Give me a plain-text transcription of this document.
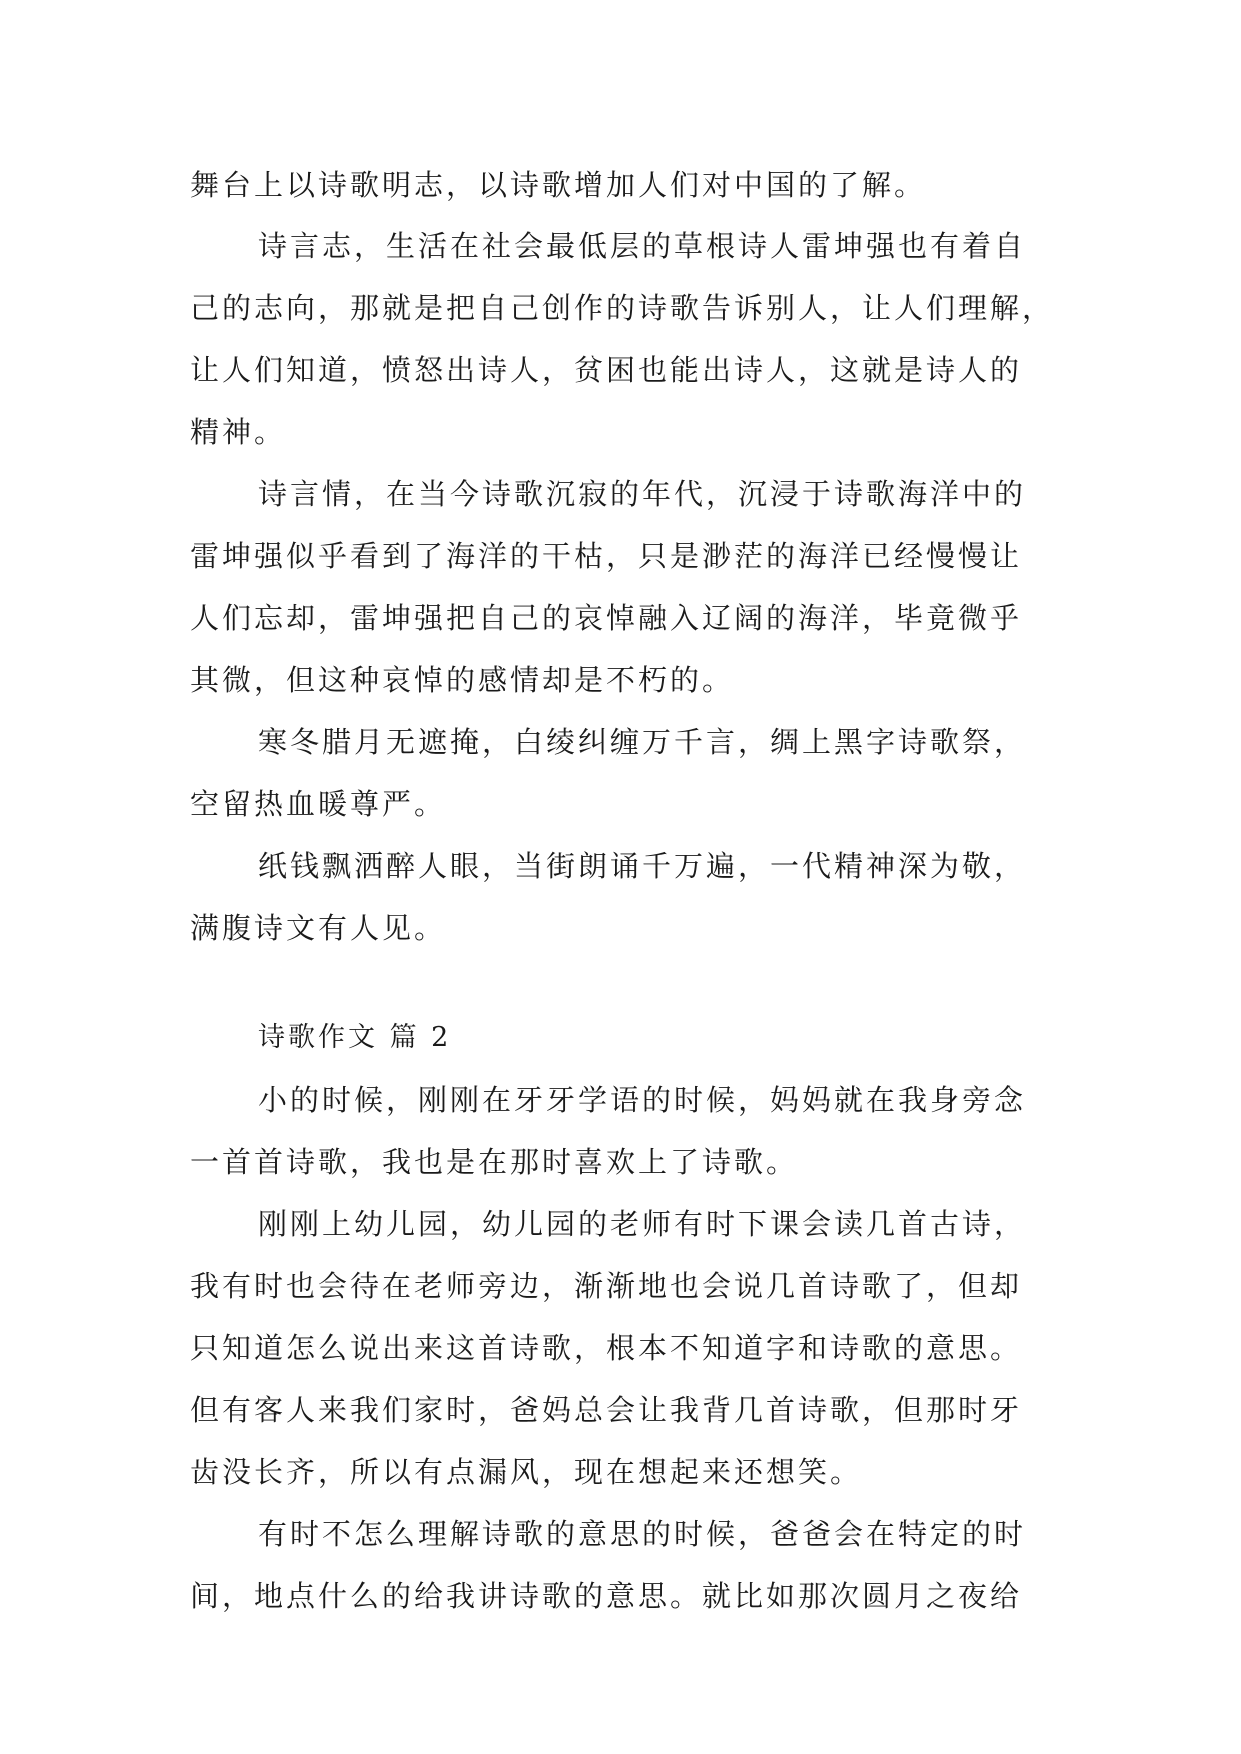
舞台上以诗歌明志，以诗歌增加人们对中国的了解。
诗言志，生活在社会最低层的草根诗人雷坤强也有着自
己的志向，那就是把自己创作的诗歌告诉别人，让人们理解，
让人们知道，愤怒出诗人，贫困也能出诗人，这就是诗人的
精神。
诗言情，在当今诗歌沉寂的年代，沉浸于诗歌海洋中的
雷坤强似乎看到了海洋的干枯，只是渺茫的海洋已经慢慢让
人们忘却，雷坤强把自己的哀悼融入辽阔的海洋，毕竟微乎
其微，但这种哀悼的感情却是不朽的。
寒冬腊月无遮掩，白绫纠缠万千言，绸上黑字诗歌祭，
空留热血暖尊严。
纸钱飘洒醉人眼，当街朗诵千万遍，一代精神深为敬，
满腹诗文有人见。
诗歌作文 篇 2
小的时候，刚刚在牙牙学语的时候，妈妈就在我身旁念
一首首诗歌，我也是在那时喜欢上了诗歌。
刚刚上幼儿园，幼儿园的老师有时下课会读几首古诗，
我有时也会待在老师旁边，渐渐地也会说几首诗歌了，但却
只知道怎么说出来这首诗歌，根本不知道字和诗歌的意思。
但有客人来我们家时，爸妈总会让我背几首诗歌，但那时牙
齿没长齐，所以有点漏风，现在想起来还想笑。
有时不怎么理解诗歌的意思的时候，爸爸会在特定的时
间，地点什么的给我讲诗歌的意思。就比如那次圆月之夜给
